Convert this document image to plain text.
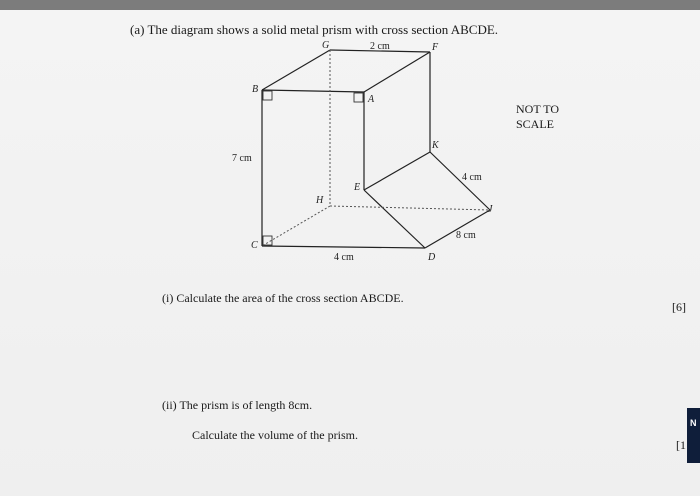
(a) The diagram shows a solid metal prism with cross section ABCDE.
NOT TO
SCALE
(i) Calculate the area of the cross section ABCDE.
[6]
(ii) The prism is of length 8cm.
Calculate the volume of the prism.
[1
N
G	F
B
A
K
E
H
C
D
J
2 cm
7 cm
4 cm
4 cm
8 cm
